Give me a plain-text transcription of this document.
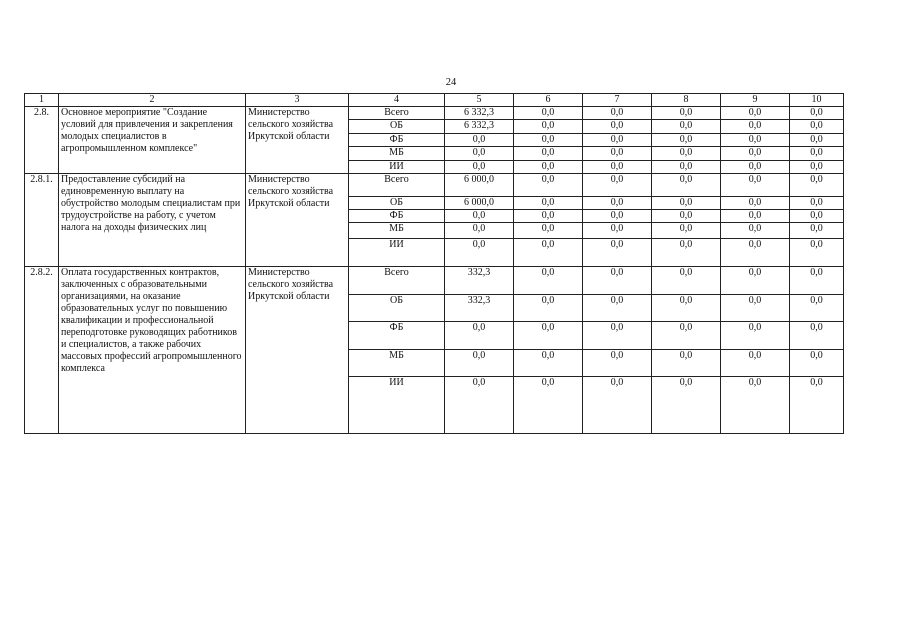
24
1	2	3	4	5	6	7	8	9	10
2.8.	Основное мероприятие "Создание условий для привлечения и закрепления молодых специалистов в агропромышленном комплексе"	Министерство сельского хозяйства Иркутской области	Всего	6 332,3	0,0	0,0	0,0	0,0	0,0
			ОБ	6 332,3	0,0	0,0	0,0	0,0	0,0
			ФБ	0,0	0,0	0,0	0,0	0,0	0,0
			МБ	0,0	0,0	0,0	0,0	0,0	0,0
			ИИ	0,0	0,0	0,0	0,0	0,0	0,0
2.8.1.	Предоставление субсидий на единовременную выплату на обустройство молодым специалистам при трудоустройстве на работу, с учетом налога на доходы физических лиц	Министерство сельского хозяйства Иркутской области	Всего	6 000,0	0,0	0,0	0,0	0,0	0,0
			ОБ	6 000,0	0,0	0,0	0,0	0,0	0,0
			ФБ	0,0	0,0	0,0	0,0	0,0	0,0
			МБ	0,0	0,0	0,0	0,0	0,0	0,0
			ИИ	0,0	0,0	0,0	0,0	0,0	0,0
2.8.2.	Оплата государственных контрактов, заключенных с образовательными организациями, на оказание образовательных услуг по повышению квалификации и профессиональной переподготовке руководящих работников и специалистов, а также рабочих массовых профессий агропромышленного комплекса	Министерство сельского хозяйства Иркутской области	Всего	332,3	0,0	0,0	0,0	0,0	0,0
			ОБ	332,3	0,0	0,0	0,0	0,0	0,0
			ФБ	0,0	0,0	0,0	0,0	0,0	0,0
			МБ	0,0	0,0	0,0	0,0	0,0	0,0
			ИИ	0,0	0,0	0,0	0,0	0,0	0,0
